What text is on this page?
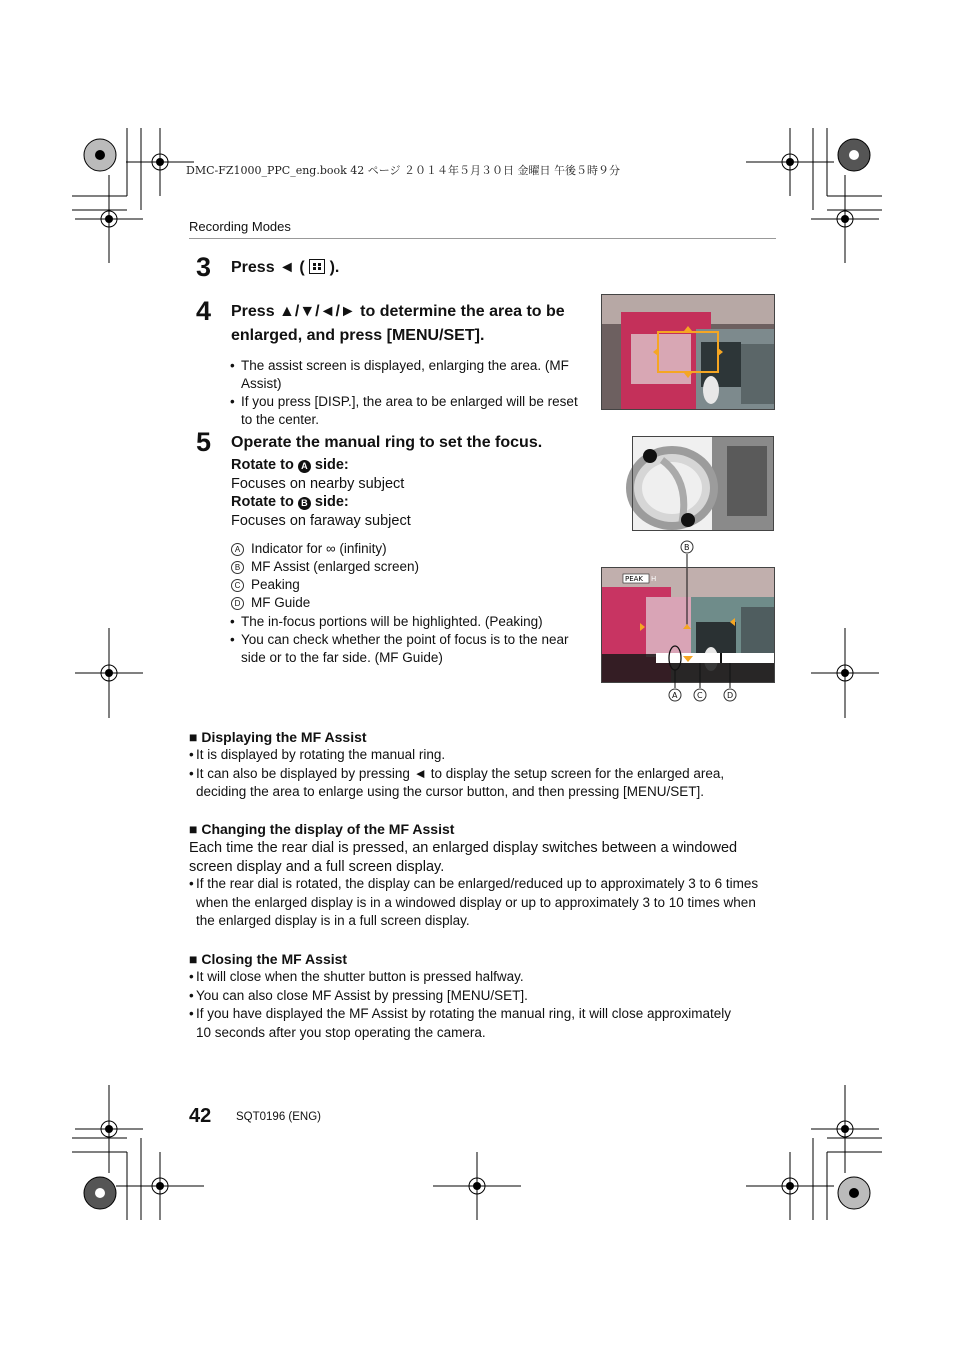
DMC-FZ1000_PPC_eng.book 42 ページ ２０１４年５月３０日 金曜日 午後５時９分
Recording Modes
3 Press ◄ ( ).
4 Press ▲/▼/◄/► to determine the area to be
enlarged, and press [MENU/SET].
• The assist screen is displayed, enlarging the area. (MF
Assist)
• If you press [DISP.], the area to be enlarged will be reset
to the center.
5 Operate the manual ring to set the focus.
Rotate to A side:
Focuses on nearby subject
Rotate to B side:
Focuses on faraway subject
A Indicator for ∞ (infinity)
B MF Assist (enlarged screen)
C Peaking
D MF Guide
• The in-focus portions will be highlighted. (Peaking)
• You can check whether the point of focus is to the near
side or to the far side. (MF Guide)
PEAK H
B
A C	D
■ Displaying the MF Assist
• It is displayed by rotating the manual ring.
• It can also be displayed by pressing ◄ to display the setup screen for the enlarged area,
deciding the area to enlarge using the cursor button, and then pressing [MENU/SET].
■ Changing the display of the MF Assist
Each time the rear dial is pressed, an enlarged display switches between a windowed
screen display and a full screen display.
• If the rear dial is rotated, the display can be enlarged/reduced up to approximately 3 to 6 times
when the enlarged display is in a windowed display or up to approximately 3 to 10 times when
the enlarged display is in a full screen display.
■ Closing the MF Assist
• It will close when the shutter button is pressed halfway.
• You can also close MF Assist by pressing [MENU/SET].
• If you have displayed the MF Assist by rotating the manual ring, it will close approximately
10 seconds after you stop operating the camera.
42 SQT0196 (ENG)
